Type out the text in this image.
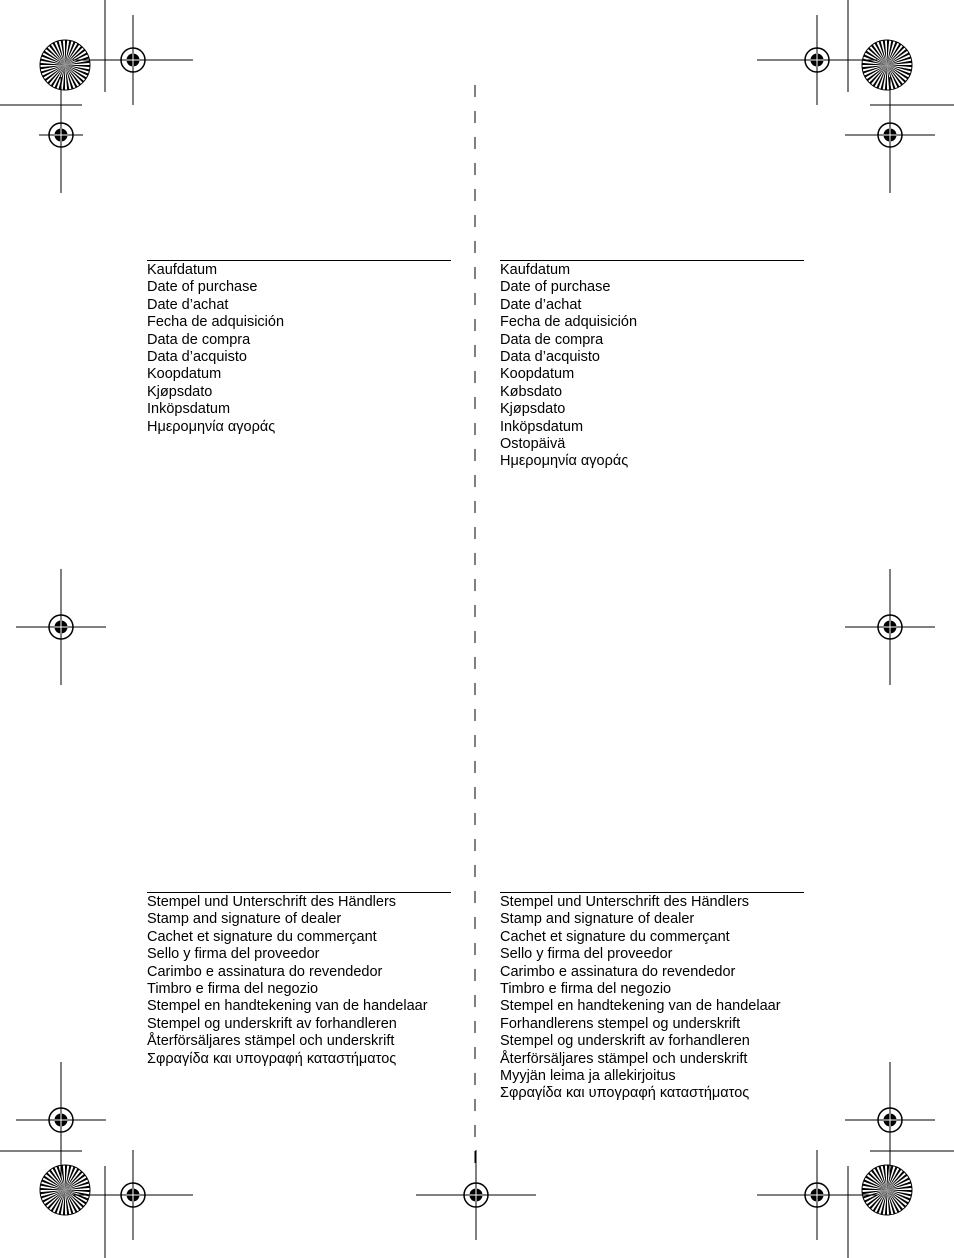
Kaufdatum
Date of purchase
Date d’achat
Fecha de adquisición
Data de compra
Data d’acquisto
Koopdatum
Kjøpsdato
Inköpsdatum
Ημερομηνία αγοράς
Kaufdatum
Date of purchase
Date d’achat
Fecha de adquisición
Data de compra
Data d’acquisto
Koopdatum
Købsdato
Kjøpsdato
Inköpsdatum
Ostopäivä
Ημερομηνία αγοράς
Stempel und Unterschrift des Händlers
Stamp and signature of dealer
Cachet et signature du commerçant
Sello y firma del proveedor
Carimbo e assinatura do revendedor
Timbro e firma del negozio
Stempel en handtekening van de handelaar
Stempel og underskrift av forhandleren
Återförsäljares stämpel och underskrift
Σφραγίδα και υπογραφή καταστήματος
Stempel und Unterschrift des Händlers
Stamp and signature of dealer
Cachet et signature du commerçant
Sello y firma del proveedor
Carimbo e assinatura do revendedor
Timbro e firma del negozio
Stempel en handtekening van de handelaar
Forhandlerens stempel og underskrift
Stempel og underskrift av forhandleren
Återförsäljares stämpel och underskrift
Myyjän leima ja allekirjoitus
Σφραγίδα και υπογραφή καταστήματος
